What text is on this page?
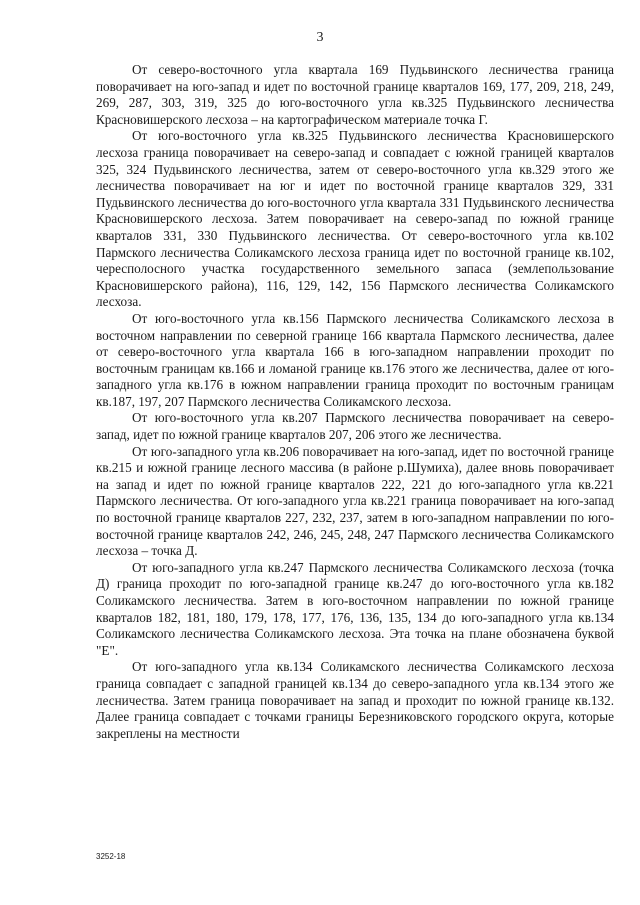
3

От северо-восточного угла квартала 169 Пудьвинского лесничества граница поворачивает на юго-запад и идет по восточной границе кварталов 169, 177, 209, 218, 249, 269, 287, 303, 319, 325 до юго-восточного угла кв.325 Пудьвинского лесничества Красновишерского лесхоза – на картографическом материале точка Г.

От юго-восточного угла кв.325 Пудьвинского лесничества Красновишерского лесхоза граница поворачивает на северо-запад и совпадает с южной границей кварталов 325, 324 Пудьвинского лесничества, затем от северо-восточного угла кв.329 этого же лесничества поворачивает на юг и идет по восточной границе кварталов 329, 331 Пудьвинского лесничества до юго-восточного угла квартала 331 Пудьвинского лесничества Красновишерского лесхоза. Затем поворачивает на северо-запад по южной границе кварталов 331, 330 Пудьвинского лесничества. От северо-восточного угла кв.102 Пармского лесничества Соликамского лесхоза граница идет по восточной границе кв.102, чересполосного участка государственного земельного запаса (землепользование Красновишерского района), 116, 129, 142, 156 Пармского лесничества Соликамского лесхоза.

От юго-восточного угла кв.156 Пармского лесничества Соликамского лесхоза в восточном направлении по северной границе 166 квартала Пармского лесничества, далее от северо-восточного угла квартала 166 в юго-западном направлении проходит по восточным границам кв.166 и ломаной границе кв.176 этого же лесничества, далее от юго-западного угла кв.176 в южном направлении граница проходит по восточным границам кв.187, 197, 207 Пармского лесничества Соликамского лесхоза.

От юго-восточного угла кв.207 Пармского лесничества поворачивает на северо-запад, идет по южной границе кварталов 207, 206 этого же лесничества.

От юго-западного угла кв.206 поворачивает на юго-запад, идет по восточной границе кв.215 и южной границе лесного массива (в районе р.Шумиха), далее вновь поворачивает на запад и идет по южной границе кварталов 222, 221 до юго-западного угла кв.221 Пармского лесничества. От юго-западного угла кв.221 граница поворачивает на юго-запад по восточной границе кварталов 227, 232, 237, затем в юго-западном направлении по юго-восточной границе кварталов 242, 246, 245, 248, 247 Пармского лесничества Соликамского лесхоза – точка Д.

От юго-западного угла кв.247 Пармского лесничества Соликамского лесхоза (точка Д) граница проходит по юго-западной границе кв.247 до юго-восточного угла кв.182 Соликамского лесничества. Затем в юго-восточном направлении по южной границе кварталов 182, 181, 180, 179, 178, 177, 176, 136, 135, 134 до юго-западного угла кв.134 Соликамского лесничества Соликамского лесхоза. Эта точка на плане обозначена буквой "Е".

От юго-западного угла кв.134 Соликамского лесничества Соликамского лесхоза граница совпадает с западной границей кв.134 до северо-западного угла кв.134 этого же лесничества. Затем граница поворачивает на запад и проходит по южной границе кв.132. Далее граница совпадает с точками границы Березниковского городского округа, которые закреплены на местности

3252-18
